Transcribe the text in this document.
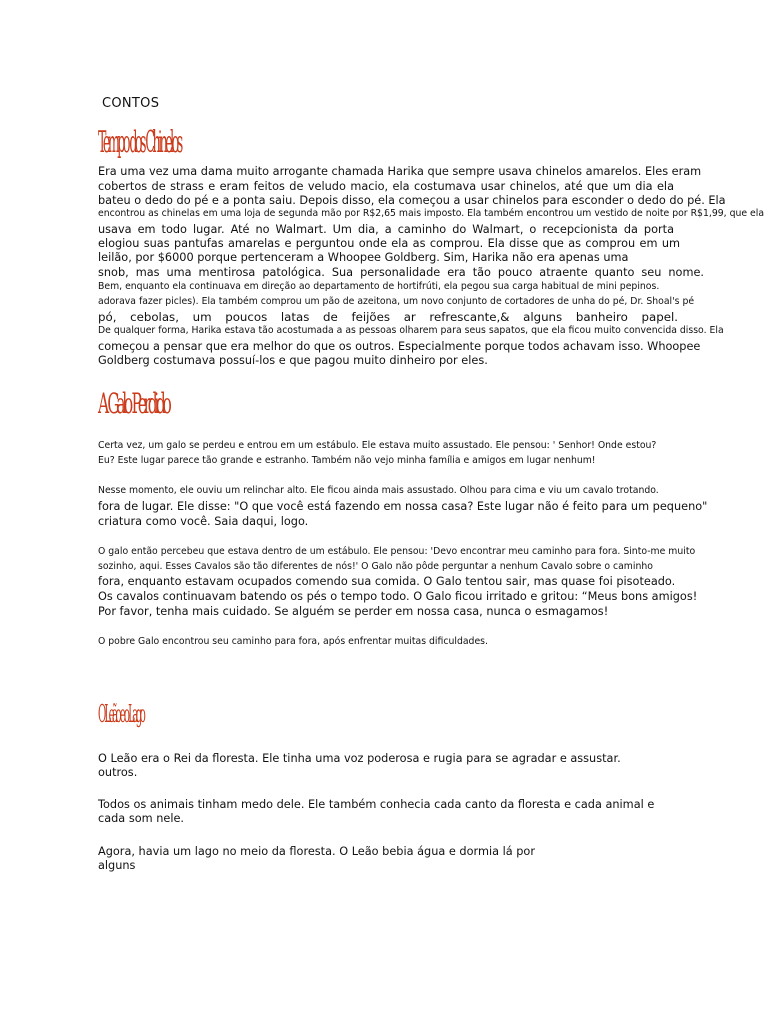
CONTOS
Tempo dos Chinelos
Era uma vez uma dama muito arrogante chamada Harika que sempre usava chinelos amarelos. Eles eram
cobertos de strass e eram feitos de veludo macio, ela costumava usar chinelos, até que um dia ela
bateu o dedo do pé e a ponta saiu. Depois disso, ela começou a usar chinelos para esconder o dedo do pé. Ela
encontrou as chinelas em uma loja de segunda mão por R$2,65 mais imposto. Ela também encontrou um vestido de noite por R$1,99, que ela
usava em todo lugar. Até no Walmart. Um dia, a caminho do Walmart, o recepcionista da porta
elogiou suas pantufas amarelas e perguntou onde ela as comprou. Ela disse que as comprou em um
leilão, por $6000 porque pertenceram a Whoopee Goldberg. Sim, Harika não era apenas uma
snob, mas uma mentirosa patológica. Sua personalidade era tão pouco atraente quanto seu nome.
Bem, enquanto ela continuava em direção ao departamento de hortifrúti, ela pegou sua carga habitual de mini pepinos.
adorava fazer picles). Ela também comprou um pão de azeitona, um novo conjunto de cortadores de unha do pé, Dr. Shoal's pé
pó, cebolas, um poucos latas de feijões ar refrescante,& alguns banheiro papel.
De qualquer forma, Harika estava tão acostumada a as pessoas olharem para seus sapatos, que ela ficou muito convencida disso. Ela
começou a pensar que era melhor do que os outros. Especialmente porque todos achavam isso. Whoopee
Goldberg costumava possuí-los e que pagou muito dinheiro por eles.
A Galo Perdido
Certa vez, um galo se perdeu e entrou em um estábulo. Ele estava muito assustado. Ele pensou: ' Senhor! Onde estou?
Eu? Este lugar parece tão grande e estranho. Também não vejo minha família e amigos em lugar nenhum!
Nesse momento, ele ouviu um relinchar alto. Ele ficou ainda mais assustado. Olhou para cima e viu um cavalo trotando.
fora de lugar. Ele disse: "O que você está fazendo em nossa casa? Este lugar não é feito para um pequeno"
criatura como você. Saia daqui, logo.
O galo então percebeu que estava dentro de um estábulo. Ele pensou: 'Devo encontrar meu caminho para fora. Sinto-me muito
sozinho, aqui. Esses Cavalos são tão diferentes de nós!' O Galo não pôde perguntar a nenhum Cavalo sobre o caminho
fora, enquanto estavam ocupados comendo sua comida. O Galo tentou sair, mas quase foi pisoteado.
Os cavalos continuavam batendo os pés o tempo todo. O Galo ficou irritado e gritou: “Meus bons amigos!
Por favor, tenha mais cuidado. Se alguém se perder em nossa casa, nunca o esmagamos!
O pobre Galo encontrou seu caminho para fora, após enfrentar muitas dificuldades.
O Leão e o Lago
O Leão era o Rei da floresta. Ele tinha uma voz poderosa e rugia para se agradar e assustar.
outros.
Todos os animais tinham medo dele. Ele também conhecia cada canto da floresta e cada animal e
cada som nele.
Agora, havia um lago no meio da floresta. O Leão bebia água e dormia lá por
alguns
